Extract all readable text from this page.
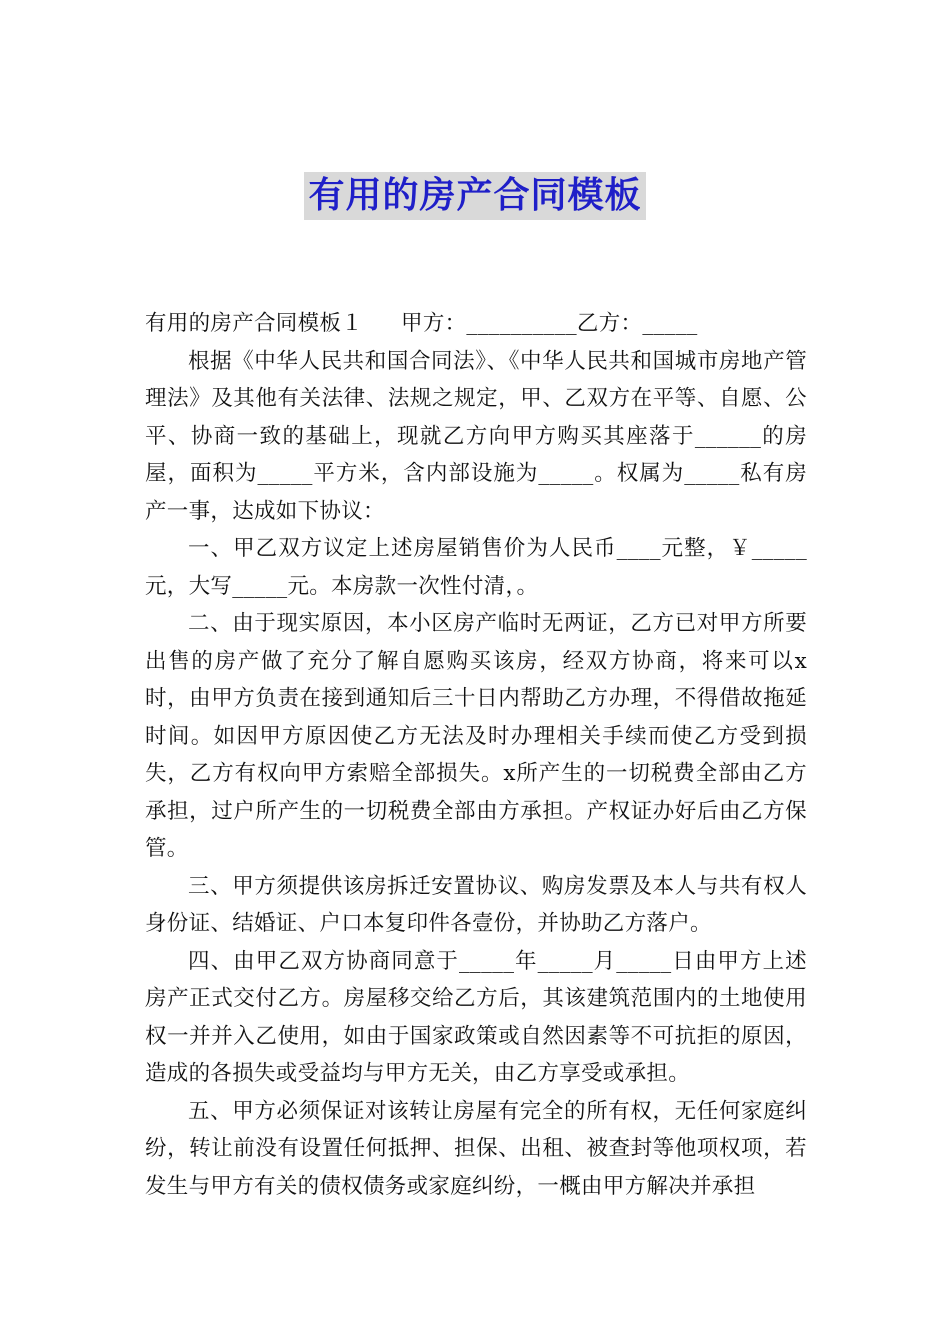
有用的房产合同模板

有用的房产合同模板１ 甲方：__________乙方：_____

根据《中华人民共和国合同法》、《中华人民共和国城市房地产管理法》及其他有关法律、法规之规定，甲、乙双方在平等、自愿、公平、协商一致的基础上，现就乙方向甲方购买其座落于______的房屋，面积为_____平方米，含内部设施为_____。权属为_____私有房产一事，达成如下协议：

一、甲乙双方议定上述房屋销售价为人民币____元整，￥_____元，大写_____元。本房款一次性付清，。

二、由于现实原因，本小区房产临时无两证，乙方已对甲方所要出售的房产做了充分了解自愿购买该房，经双方协商，将来可以x时，由甲方负责在接到通知后三十日内帮助乙方办理，不得借故拖延时间。如因甲方原因使乙方无法及时办理相关手续而使乙方受到损失，乙方有权向甲方索赔全部损失。x所产生的一切税费全部由乙方承担，过户所产生的一切税费全部由方承担。产权证办好后由乙方保管。

三、甲方须提供该房拆迁安置协议、购房发票及本人与共有权人身份证、结婚证、户口本复印件各壹份，并协助乙方落户。

四、由甲乙双方协商同意于_____年_____月_____日由甲方上述房产正式交付乙方。房屋移交给乙方后，其该建筑范围内的土地使用权一并并入乙使用，如由于国家政策或自然因素等不可抗拒的原因，造成的各损失或受益均与甲方无关，由乙方享受或承担。

五、甲方必须保证对该转让房屋有完全的所有权，无任何家庭纠纷，转让前没有设置任何抵押、担保、出租、被查封等他项权项，若发生与甲方有关的债权债务或家庭纠纷，一概由甲方解决并承担
